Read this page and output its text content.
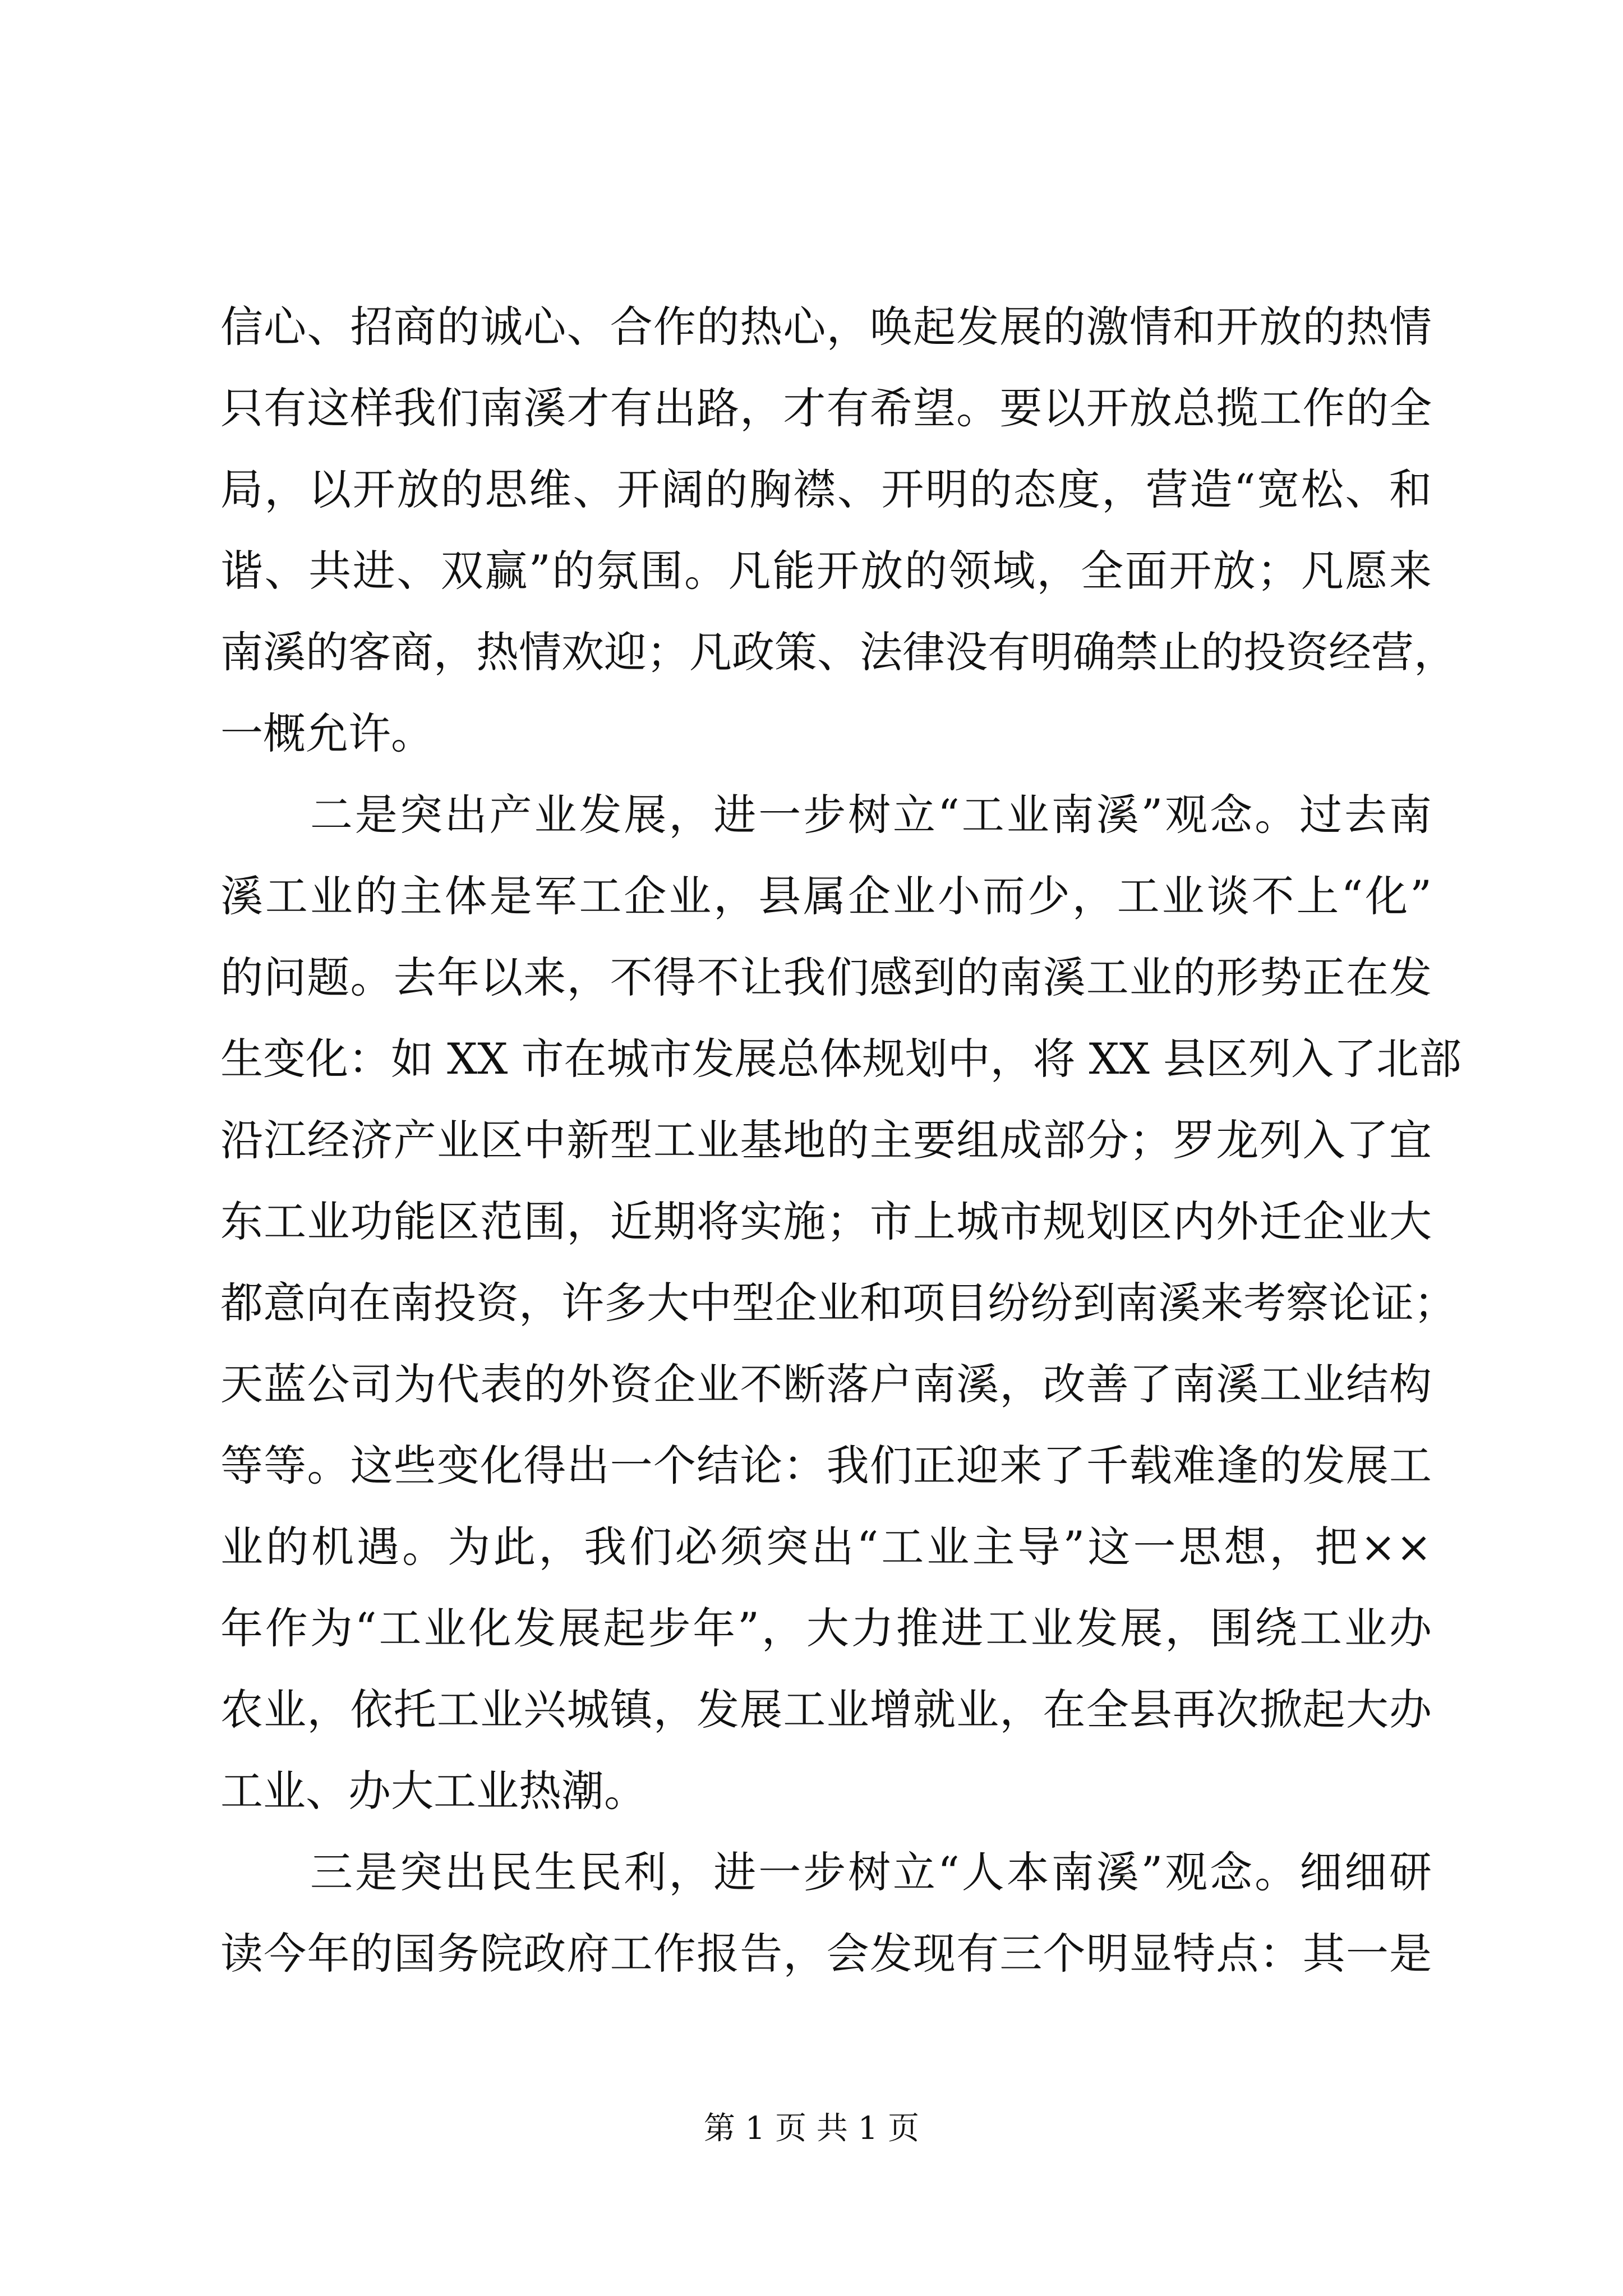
信心、招商的诚心、合作的热心，唤起发展的激情和开放的热情
只有这样我们南溪才有出路，才有希望。要以开放总揽工作的全
局，以开放的思维、开阔的胸襟、开明的态度，营造“宽松、和
谐、共进、双赢”的氛围。凡能开放的领域，全面开放；凡愿来
南溪的客商，热情欢迎；凡政策、法律没有明确禁止的投资经营，
一概允许。
　　二是突出产业发展，进一步树立“工业南溪”观念。过去南
溪工业的主体是军工企业，县属企业小而少，工业谈不上“化”
的问题。去年以来，不得不让我们感到的南溪工业的形势正在发
生变化：如 XX 市在城市发展总体规划中，将 XX 县区列入了北部
沿江经济产业区中新型工业基地的主要组成部分；罗龙列入了宜
东工业功能区范围，近期将实施；市上城市规划区内外迁企业大
都意向在南投资，许多大中型企业和项目纷纷到南溪来考察论证；
天蓝公司为代表的外资企业不断落户南溪，改善了南溪工业结构
等等。这些变化得出一个结论：我们正迎来了千载难逢的发展工
业的机遇。为此，我们必须突出“工业主导”这一思想，把××
年作为“工业化发展起步年”，大力推进工业发展，围绕工业办
农业，依托工业兴城镇，发展工业增就业，在全县再次掀起大办
工业、办大工业热潮。
　　三是突出民生民利，进一步树立“人本南溪”观念。细细研
读今年的国务院政府工作报告，会发现有三个明显特点：其一是
第 1 页 共 1 页
